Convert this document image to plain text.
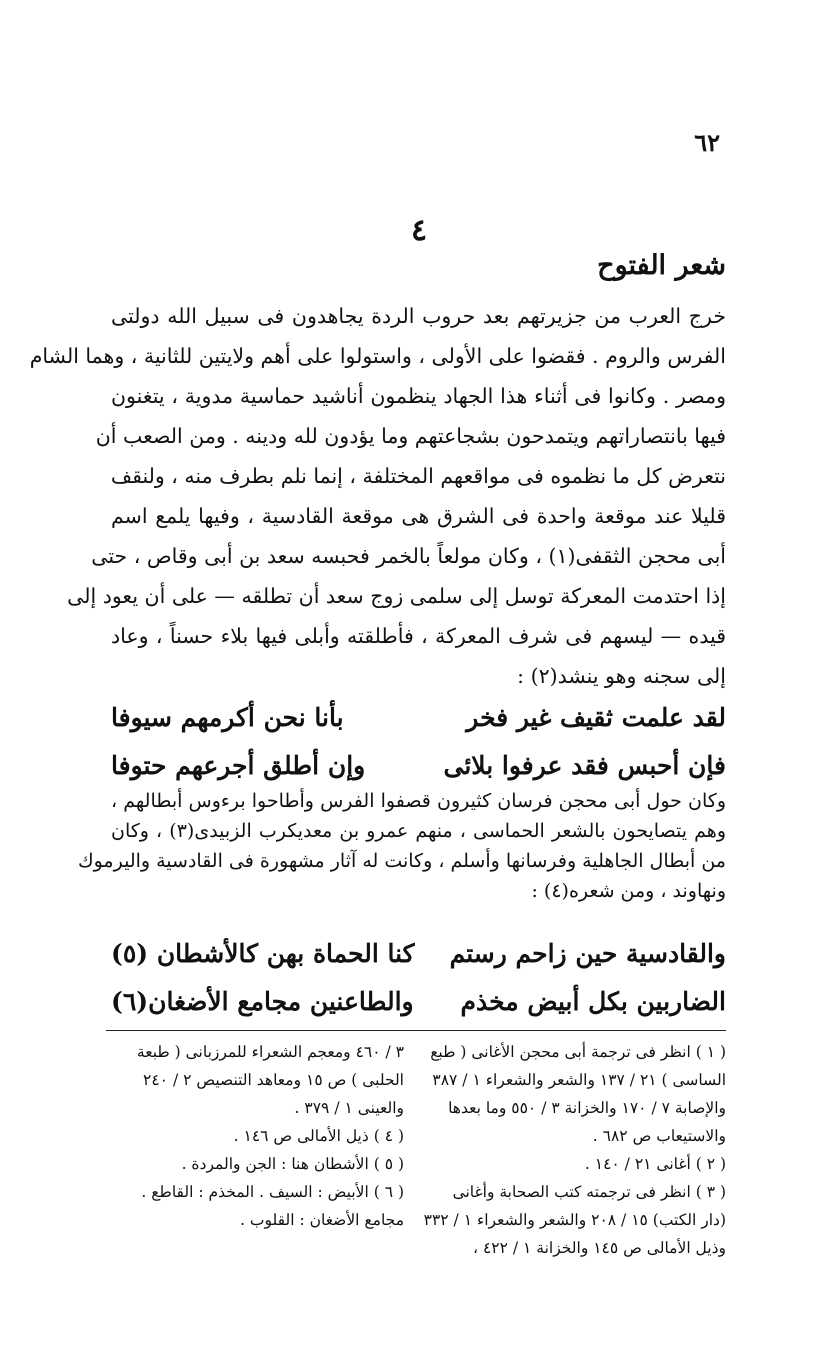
٦٢
٤
شعر الفتوح
خرج العرب من جزيرتهم بعد حروب الردة يجاهدون فى سبيل الله دولتى
الفرس والروم . فقضوا على الأولى ، واستولوا على أهم ولايتين للثانية ، وهما الشام
ومصر . وكانوا فى أثناء هذا الجهاد ينظمون أناشيد حماسية مدوية ، يتغنون
فيها بانتصاراتهم ويتمدحون بشجاعتهم وما يؤدون لله ودينه . ومن الصعب أن
نتعرض كل ما نظموه فى مواقعهم المختلفة ، إنما نلم بطرف منه ، ولنقف
قليلا عند موقعة واحدة فى الشرق هى موقعة القادسية ، وفيها يلمع اسم
أبى محجن الثقفى(١) ، وكان مولعاً بالخمر فحبسه سعد بن أبى وقاص ، حتى
إذا احتدمت المعركة توسل إلى سلمى زوج سعد أن تطلقه — على أن يعود إلى
قيده — ليسهم فى شرف المعركة ، فأطلقته وأبلى فيها بلاء حسناً ، وعاد
إلى سجنه وهو ينشد(٢) :
لقد علمت ثقيف غير فخر
بأنا نحن أكرمهم سيوفا
فإن أحبس فقد عرفوا بلائى
وإن أطلق أجرعهم حتوفا
وكان حول أبى محجن فرسان كثيرون قصفوا الفرس وأطاحوا برءوس أبطالهم ،
وهم يتصايحون بالشعر الحماسى ، منهم عمرو بن معديكرب الزبيدى(٣) ، وكان
من أبطال الجاهلية وفرسانها وأسلم ، وكانت له آثار مشهورة فى القادسية واليرموك
ونهاوند ، ومن شعره(٤) :
والقادسية حين زاحم رستم
كنا الحماة بهن كالأشطان (٥)
الضاربين بكل أبيض مخذم
والطاعنين مجامع الأضغان(٦)
( ١ ) انظر فى ترجمة أبى محجن الأغانى ( طبع
الساسى ) ٢١ / ١٣٧ والشعر والشعراء ١ / ٣٨٧
والإصابة ٧ / ١٧٠ والخزانة ٣ / ٥٥٠ وما بعدها
والاستيعاب ص ٦٨٢ .
( ٢ ) أغانى ٢١ / ١٤٠ .
( ٣ ) انظر فى ترجمته كتب الصحابة وأغانى
(دار الكتب) ١٥ / ٢٠٨ والشعر والشعراء ١ / ٣٣٢
وذيل الأمالى ص ١٤٥ والخزانة ١ / ٤٢٢ ،
٣ / ٤٦٠ ومعجم الشعراء للمرزبانى ( طبعة
الحلبى ) ص ١٥ ومعاهد التنصيص ٢ / ٢٤٠
والعينى ١ / ٣٧٩ .
( ٤ ) ذيل الأمالى ص ١٤٦ .
( ٥ ) الأشطان هنا : الجن والمردة .
( ٦ ) الأبيض : السيف . المخذم : القاطع .
مجامع الأضغان : القلوب .
